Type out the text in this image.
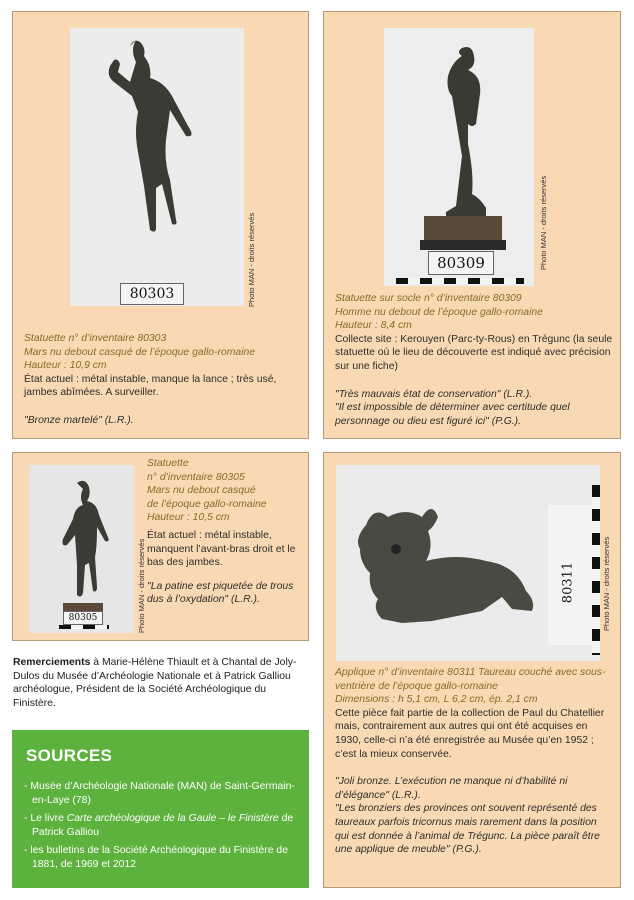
80303	Photo MAN - droits réservés

Statuette n° d’inventaire 80303

Mars nu debout casqué de l’époque gallo-romaine

Hauteur : 10,9 cm

État actuel : métal instable, manque la lance ; très usé, jambes abîmées. A surveiller.

"Bronze martelé" (L.R.).

80309	Photo MAN - droits réservés

Statuette sur socle n° d’inventaire 80309

Homme nu debout de l’époque gallo-romaine

Hauteur : 8,4 cm

Collecte site : Kerouyen (Parc-ty-Rous) en Trégunc (la seule statuette où le lieu de découverte est indiqué avec précision sur une fiche)

"Très mauvais état de conservation" (L.R.).

"Il est impossible de déterminer avec certitude quel personnage ou dieu est figuré ici" (P.G.).

80305	Photo MAN - droits réservés

Statuette

n° d’inventaire 80305

Mars nu debout casqué

de l’époque gallo-romaine

Hauteur : 10,5 cm

État actuel : métal instable, manquent l’avant-bras droit et le bas des jambes.

"La patine est piquetée de trous dus à l’oxydation" (L.R.).	80311	Photo MAN - droits réservés

Applique n° d’inventaire 80311 Taureau couché avec sous-ventrière de l’époque gallo-romaine

Dimensions : h 5,1 cm, L 6,2 cm, ép. 2,1 cm

Cette pièce fait partie de la collection de Paul du Chatellier mais, contrairement aux autres qui ont été acquises en 1930, celle-ci n’a été enregistrée au Musée qu’en 1952 ; c’est la mieux conservée.

"Joli bronze. L’exécution ne manque ni d’habilité ni d’élégance" (L.R.).

"Les bronziers des provinces ont souvent représenté des taureaux parfois tricornus mais rarement dans la position qui est donnée à l’animal de Trégunc. La pièce paraît être une applique de meuble" (P.G.).

Remerciements à Marie-Hélène Thiault et à Chantal de Joly-Dulos du Musée d’Archéologie Nationale et à Patrick Galliou archéologue, Président de la Société Archéologique du Finistère.
SOURCES
- Musée d’Archéologie Nationale (MAN) de Saint-Germain-en-Laye (78)
- Le livre Carte archéologique de la Gaule – le Finistère de Patrick Galliou
- les bulletins de la Société Archéologique du Finistère de 1881, de 1969 et 2012
